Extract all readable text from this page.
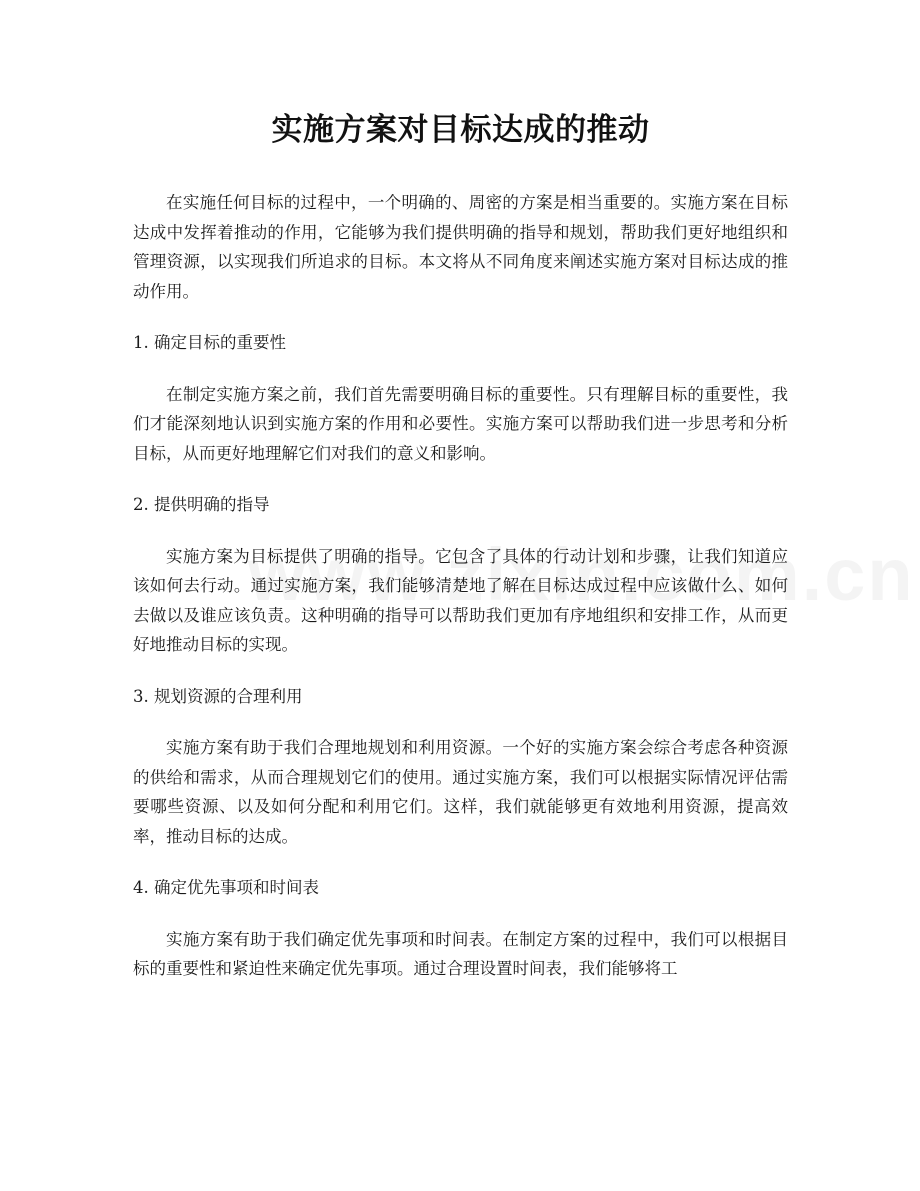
实施方案对目标达成的推动

在实施任何目标的过程中，一个明确的、周密的方案是相当重要的。实施方案在目标达成中发挥着推动的作用，它能够为我们提供明确的指导和规划，帮助我们更好地组织和管理资源，以实现我们所追求的目标。本文将从不同角度来阐述实施方案对目标达成的推动作用。

1. 确定目标的重要性

在制定实施方案之前，我们首先需要明确目标的重要性。只有理解目标的重要性，我们才能深刻地认识到实施方案的作用和必要性。实施方案可以帮助我们进一步思考和分析目标，从而更好地理解它们对我们的意义和影响。

2. 提供明确的指导

实施方案为目标提供了明确的指导。它包含了具体的行动计划和步骤，让我们知道应该如何去行动。通过实施方案，我们能够清楚地了解在目标达成过程中应该做什么、如何去做以及谁应该负责。这种明确的指导可以帮助我们更加有序地组织和安排工作，从而更好地推动目标的实现。

3. 规划资源的合理利用

实施方案有助于我们合理地规划和利用资源。一个好的实施方案会综合考虑各种资源的供给和需求，从而合理规划它们的使用。通过实施方案，我们可以根据实际情况评估需要哪些资源、以及如何分配和利用它们。这样，我们就能够更有效地利用资源，提高效率，推动目标的达成。

4. 确定优先事项和时间表

实施方案有助于我们确定优先事项和时间表。在制定方案的过程中，我们可以根据目标的重要性和紧迫性来确定优先事项。通过合理设置时间表，我们能够将工
